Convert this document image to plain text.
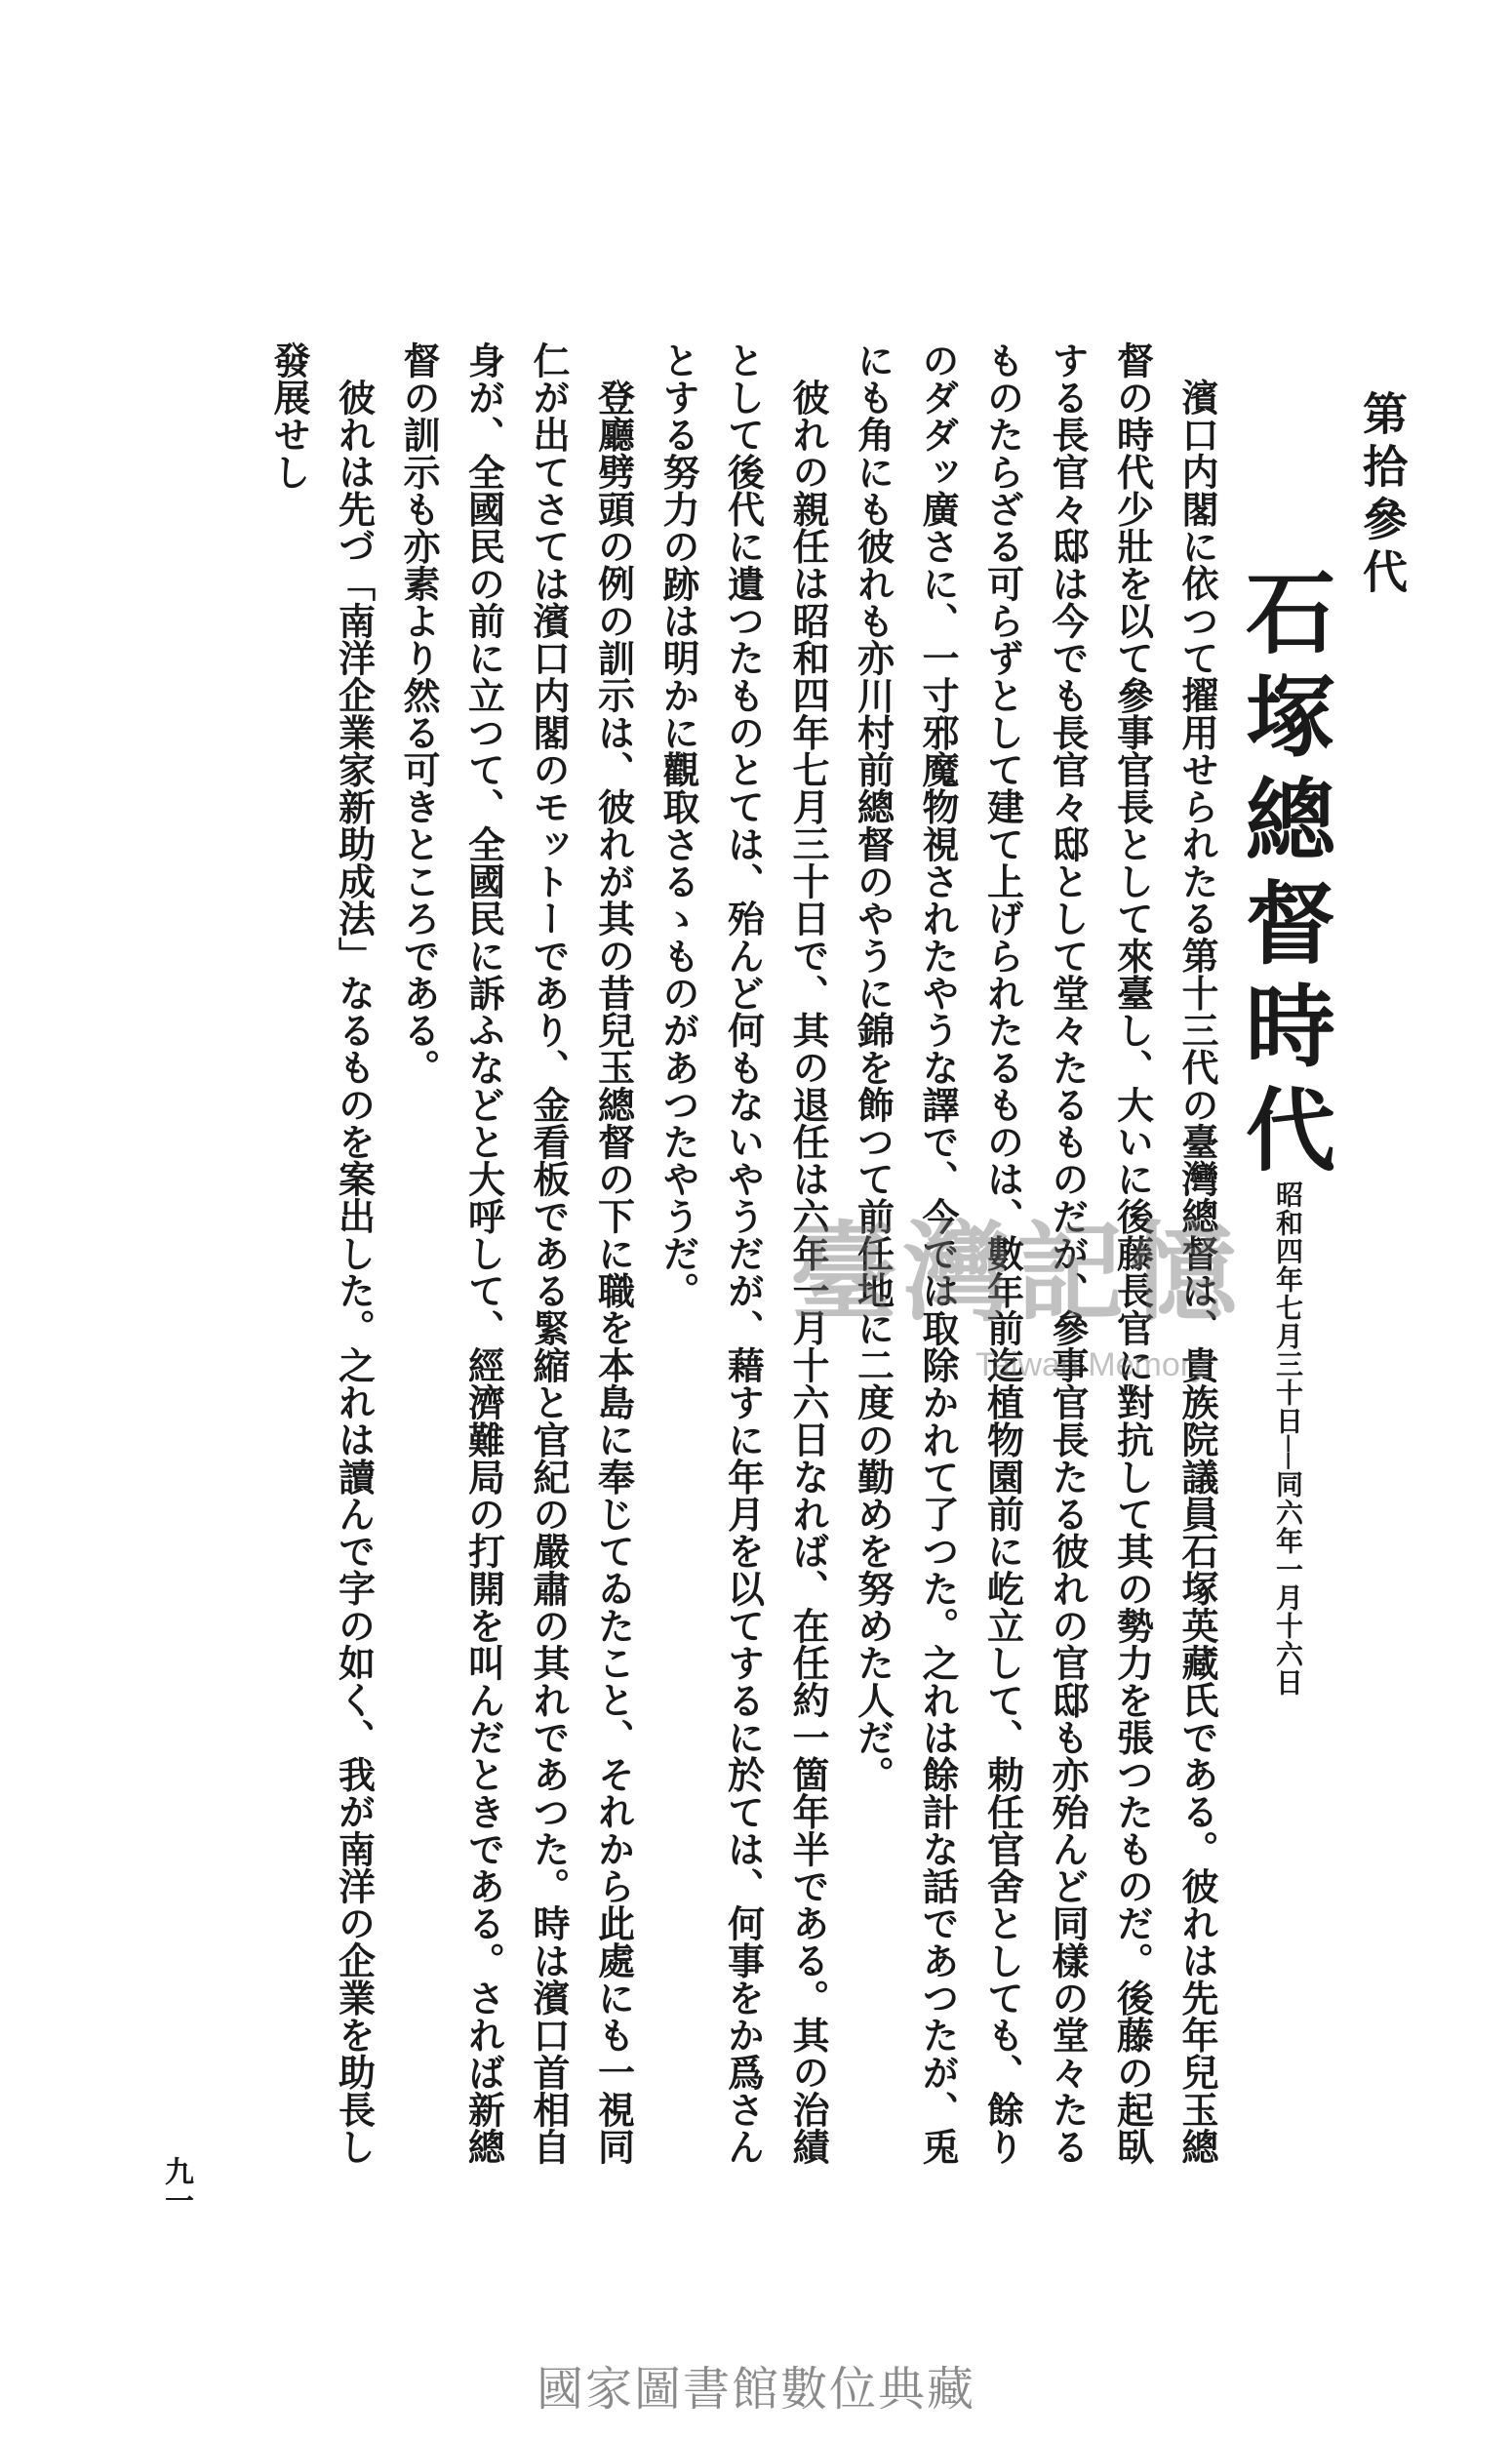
第拾參代
石塚總督時代
昭和四年七月三十日──同六年一月十六日

濱口内閣に依つて擢用せられたる第十三代の臺灣總督は、貴族院議員石塚英藏氏である。彼れは先年兒玉總督の時代少壯を以て參事官長として來臺し、大いに後藤長官に對抗して其の勢力を張つたものだ。後藤の起臥する長官々邸は今でも長官々邸として堂々たるものだが、參事官長たる彼れの官邸も亦殆んど同樣の堂々たるものたらざる可らずとして建て上げられたるものは、數年前迄植物園前に屹立して、勅任官舍としても、餘りのダダッ廣さに、一寸邪魔物視されたやうな譯で、今では取除かれて了つた。之れは餘計な話であつたが、兎にも角にも彼れも亦川村前總督のやうに錦を飾つて前任地に二度の勤めを努めた人だ。

彼れの親任は昭和四年七月三十日で、其の退任は六年一月十六日なれば、在任約一箇年半である。其の治績として後代に遺つたものとては、殆んど何もないやうだが、藉すに年月を以てするに於ては、何事をか爲さんとする努力の跡は明かに觀取さるゝものがあつたやうだ。

登廳劈頭の例の訓示は、彼れが其の昔兒玉總督の下に職を本島に奉じてゐたこと、それから此處にも一視同仁が出てさては濱口内閣のモットーであり、金看板である緊縮と官紀の嚴肅の其れであつた。時は濱口首相自身が、全國民の前に立つて、全國民に訴ふなどと大呼して、經濟難局の打開を叫んだときである。されば新總督の訓示も亦素より然る可きところである。

彼れは先づ「南洋企業家新助成法」なるものを案出した。之れは讀んで字の如く、我が南洋の企業を助長し發展せし

九一
臺灣記憶
Taiwan Memory
國家圖書館數位典藏
